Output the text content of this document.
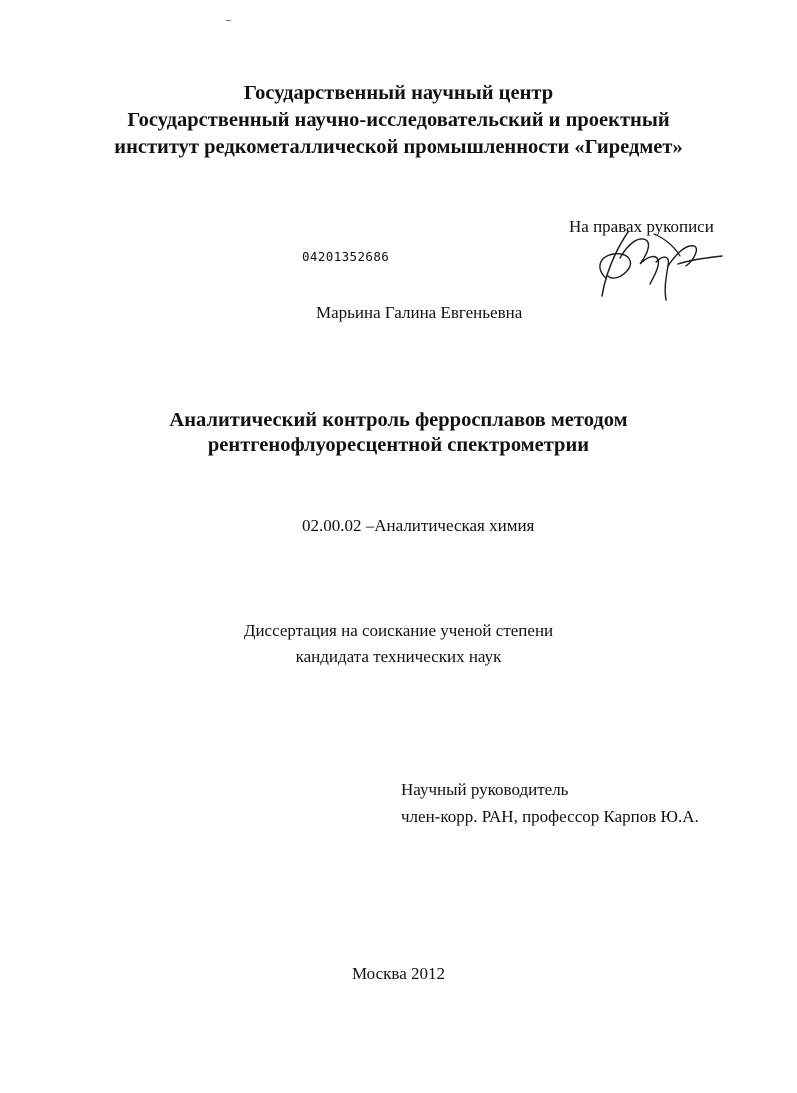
Государственный научный центр
Государственный научно-исследовательский и проектный
институт редкометаллической промышленности «Гиредмет»
На правах рукописи
04201352686
Марьина Галина Евгеньевна
Аналитический контроль ферросплавов методом
рентгенофлуоресцентной спектрометрии
02.00.02 –Аналитическая химия
Диссертация на соискание ученой степени
кандидата технических наук
Научный руководитель
член-корр. РАН, профессор Карпов Ю.А.
Москва 2012
